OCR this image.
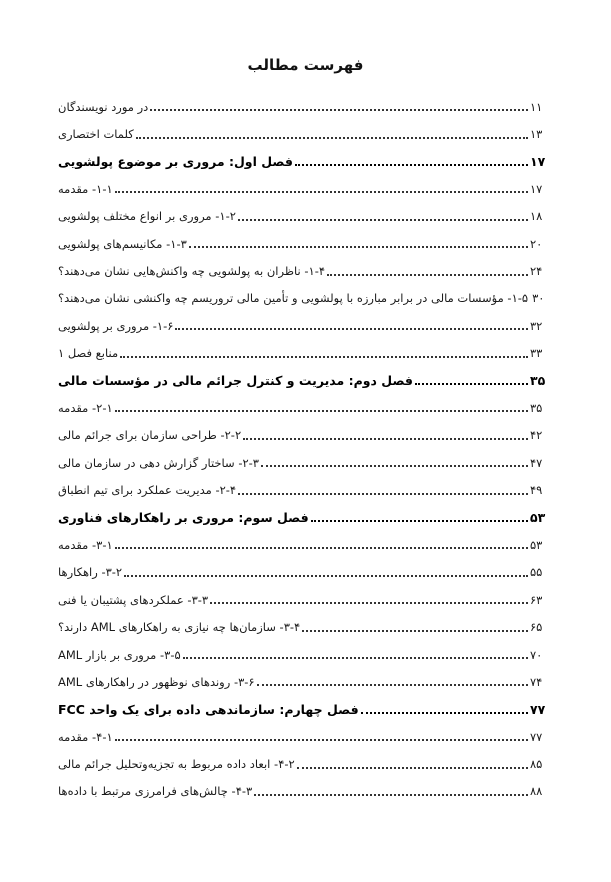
فهرست مطالب
در مورد نویسندگان	۱۱
کلمات اختصاری	۱۳
فصل اول: مروری بر موضوع پولشویی	۱۷
۱-۱- مقدمه	۱۷
۱-۲- مروری بر انواع مختلف پولشویی	۱۸
۱-۳- مکانیسم‌های پولشویی	۲۰
۱-۴- ناظران به پولشویی چه واکنش‌هایی نشان می‌دهند؟	۲۴
۱-۵- مؤسسات مالی در برابر مبارزه با پولشویی و تأمین مالی تروریسم چه واکنشی نشان می‌دهند؟ ۳۰
۱-۶- مروری بر پولشویی	۳۲
منابع فصل ۱	۳۳
فصل دوم: مدیریت و کنترل جرائم مالی در مؤسسات مالی	۳۵
۲-۱- مقدمه	۳۵
۲-۲- طراحی سازمان برای جرائم مالی	۴۲
۲-۳- ساختار گزارش دهی در سازمان مالی	۴۷
۲-۴- مدیریت عملکرد برای تیم انطباق	۴۹
فصل سوم: مروری بر راهکارهای فناوری	۵۳
۳-۱- مقدمه	۵۳
۳-۲- راهکارها	۵۵
۳-۳- عملکردهای پشتیبان یا فنی	۶۳
۳-۴- سازمان‌ها چه نیازی به راهکارهای AML دارند؟	۶۵
۳-۵- مروری بر بازار AML	۷۰
۳-۶- روندهای نوظهور در راهکارهای AML	۷۴
فصل چهارم: سازماندهی داده برای یک واحد FCC	۷۷
۴-۱- مقدمه	۷۷
۴-۲- ابعاد داده مربوط به تجزیه‌وتحلیل جرائم مالی	۸۵
۴-۳- چالش‌های فرامرزی مرتبط با داده‌ها	۸۸
